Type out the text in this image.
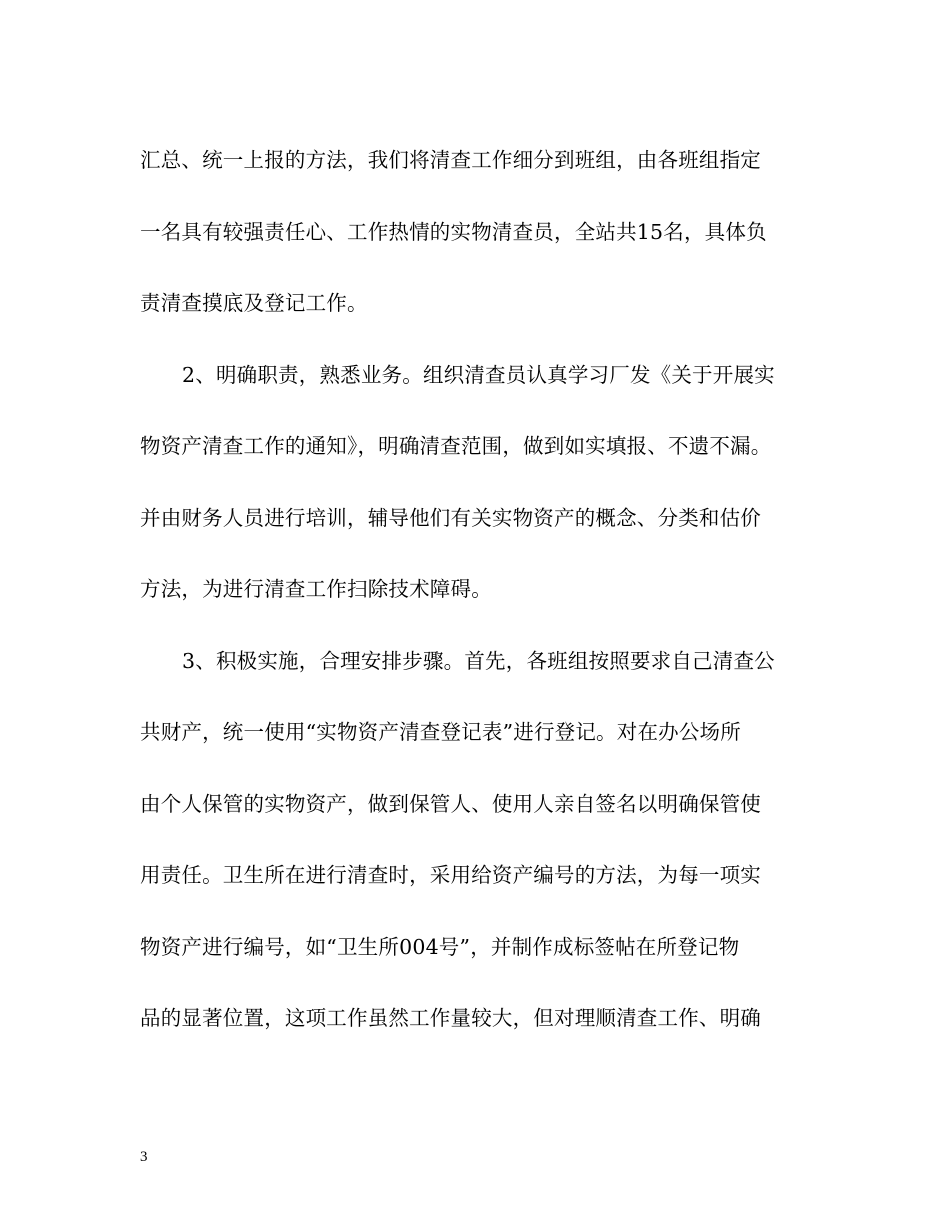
汇总、统一上报的方法，我们将清查工作细分到班组，由各班组指定
一名具有较强责任心、工作热情的实物清查员，全站共15名，具体负
责清查摸底及登记工作。
2、明确职责，熟悉业务。组织清查员认真学习厂发《关于开展实
物资产清查工作的通知》，明确清查范围，做到如实填报、不遗不漏。
并由财务人员进行培训，辅导他们有关实物资产的概念、分类和估价
方法，为进行清查工作扫除技术障碍。
3、积极实施，合理安排步骤。首先，各班组按照要求自己清查公
共财产，统一使用“实物资产清查登记表”进行登记。对在办公场所
由个人保管的实物资产，做到保管人、使用人亲自签名以明确保管使
用责任。卫生所在进行清查时，采用给资产编号的方法，为每一项实
物资产进行编号，如“卫生所004号”，并制作成标签帖在所登记物
品的显著位置，这项工作虽然工作量较大，但对理顺清查工作、明确
3
